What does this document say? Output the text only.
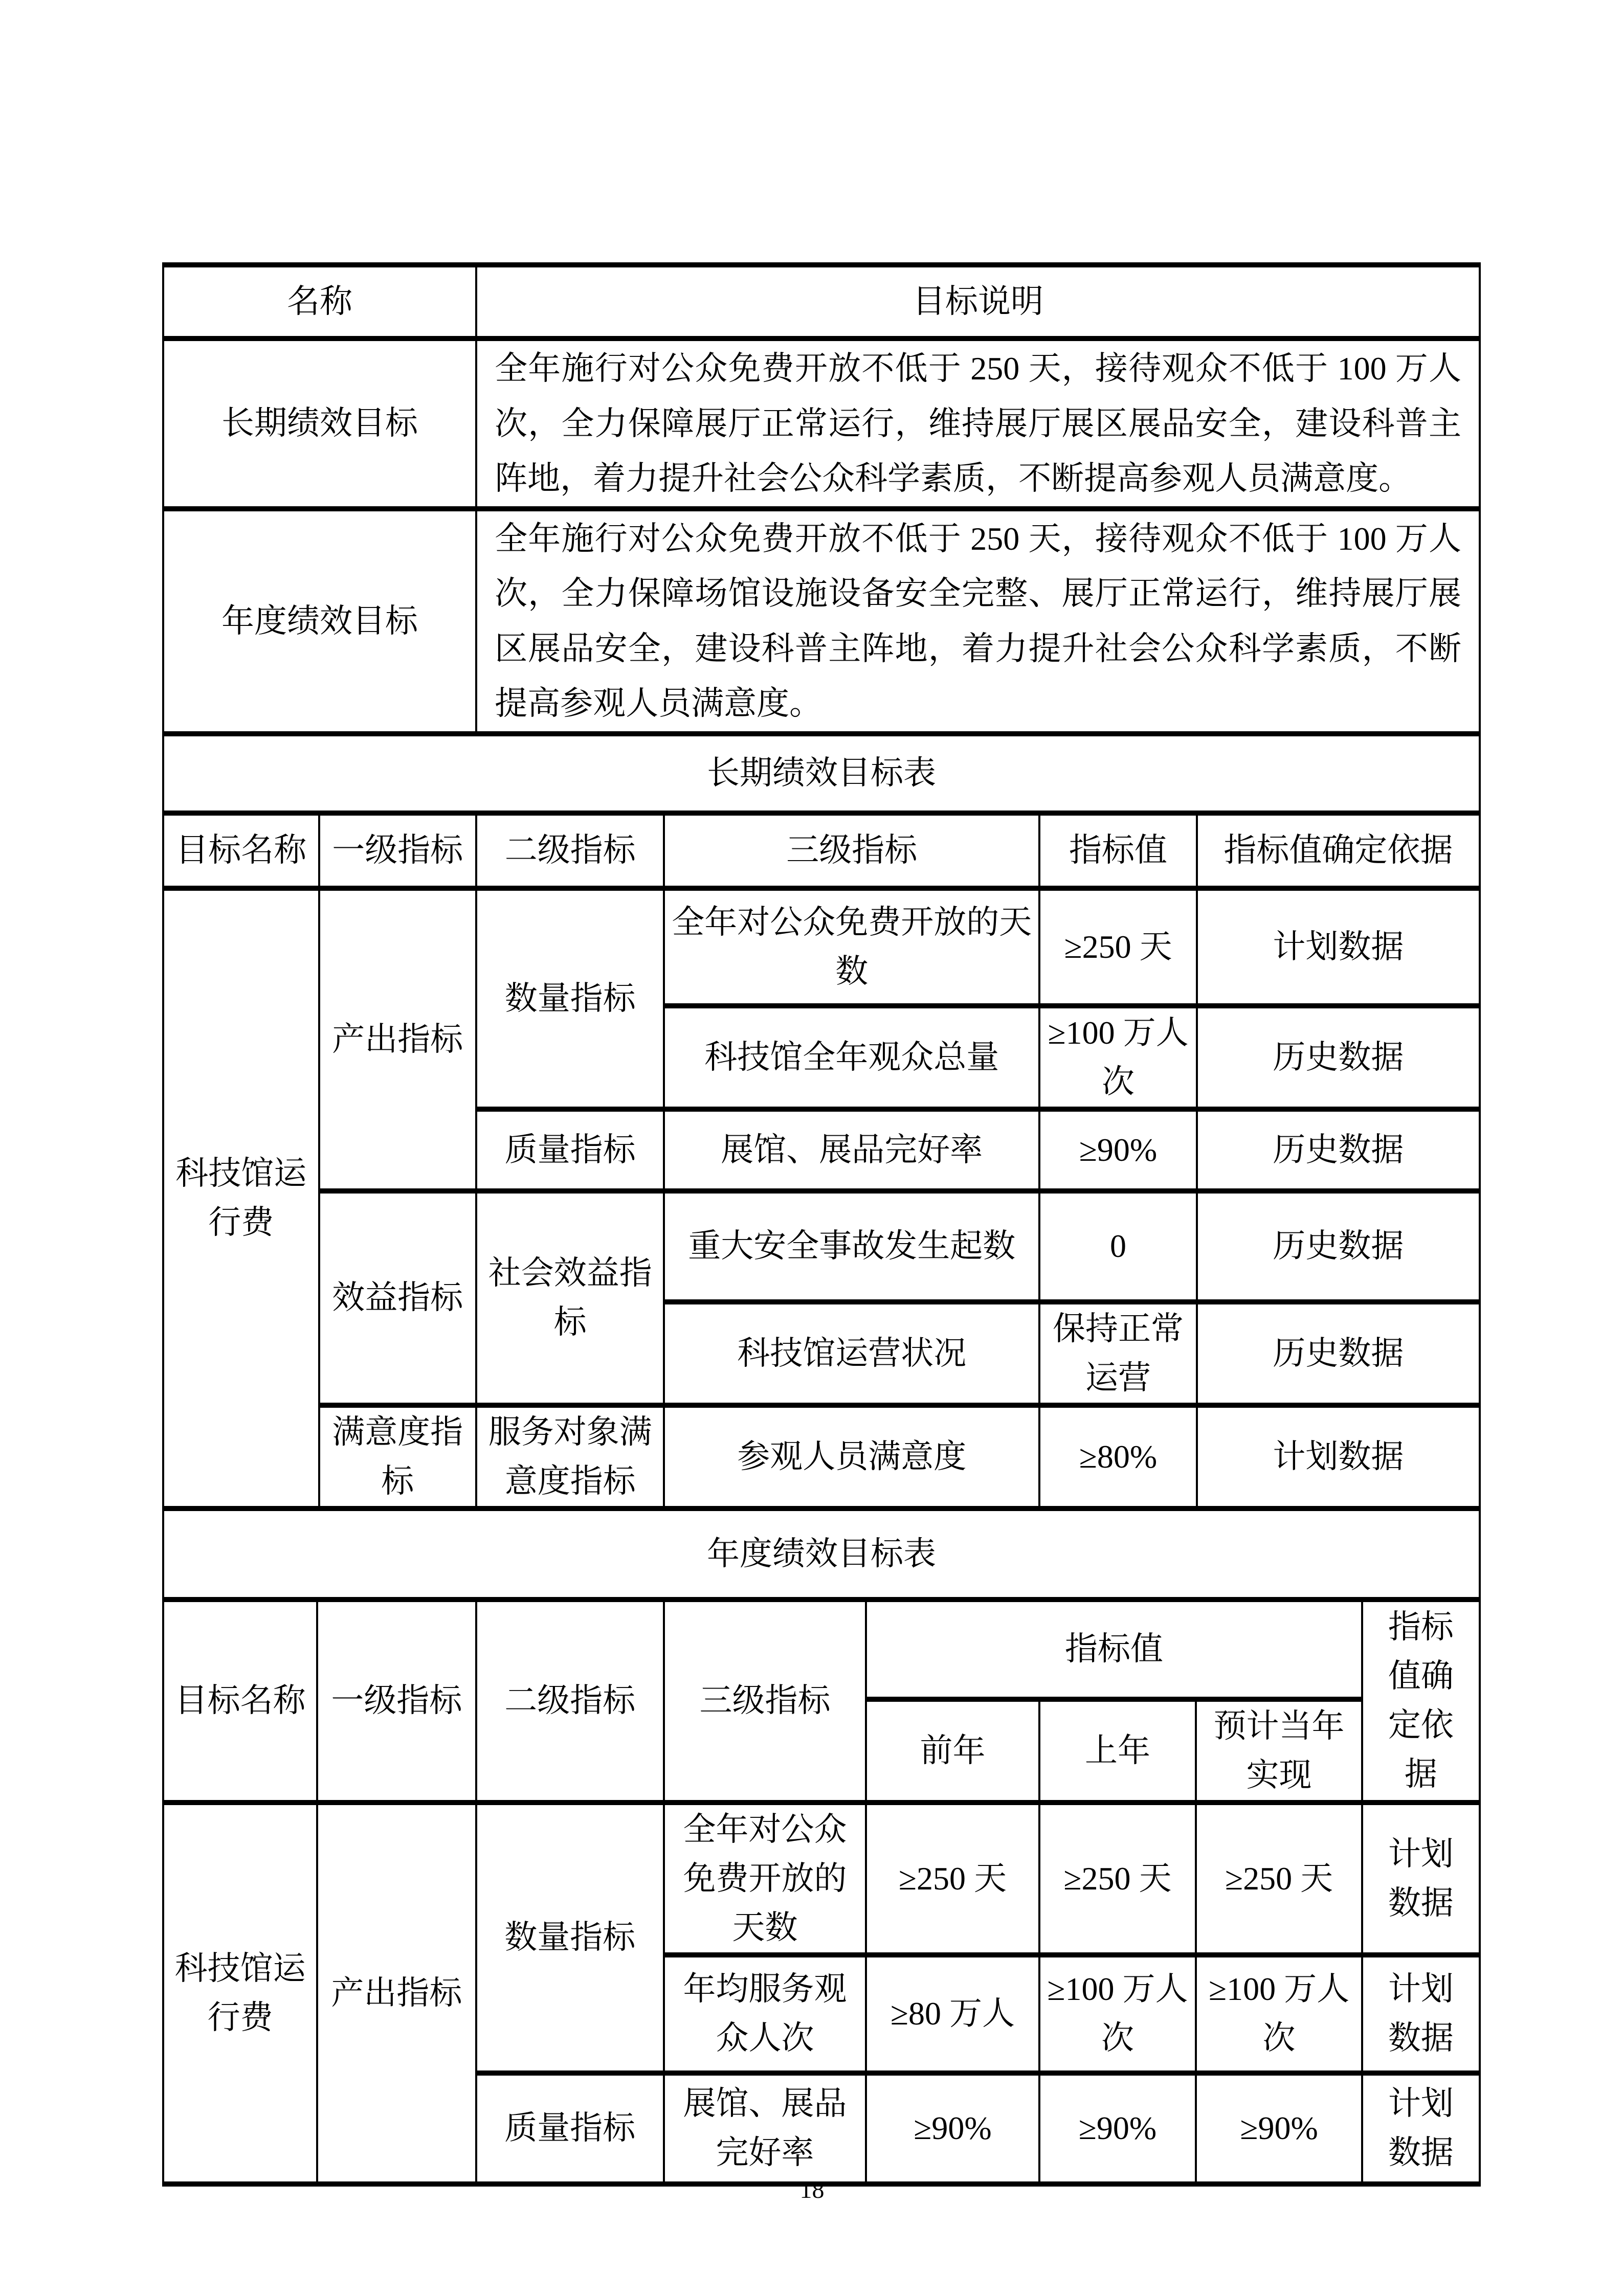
名称	目标说明
长期绩效目标	全年施行对公众免费开放不低于 250 天，接待观众不低于 100 万人次，全力保障展厅正常运行，维持展厅展区展品安全，建设科普主阵地，着力提升社会公众科学素质，不断提高参观人员满意度。
年度绩效目标	全年施行对公众免费开放不低于 250 天，接待观众不低于 100 万人次，全力保障场馆设施设备安全完整、展厅正常运行，维持展厅展区展品安全，建设科普主阵地，着力提升社会公众科学素质，不断提高参观人员满意度。
长期绩效目标表
目标名称	一级指标	二级指标	三级指标	指标值	指标值确定依据
科技馆运行费	产出指标	数量指标	全年对公众免费开放的天数	≥250 天	计划数据
			科技馆全年观众总量	≥100 万人次	历史数据
		质量指标	展馆、展品完好率	≥90%	历史数据
	效益指标	社会效益指标	重大安全事故发生起数	0	历史数据
			科技馆运营状况	保持正常运营	历史数据
	满意度指标	服务对象满意度指标	参观人员满意度	≥80%	计划数据
年度绩效目标表
目标名称	一级指标	二级指标	三级指标	指标值			指标值确定依据
				前年	上年	预计当年实现	
科技馆运行费	产出指标	数量指标	全年对公众免费开放的天数	≥250 天	≥250 天	≥250 天	计划数据
			年均服务观众人次	≥80 万人	≥100 万人次	≥100 万人次	计划数据
		质量指标	展馆、展品完好率	≥90%	≥90%	≥90%	计划数据
18
